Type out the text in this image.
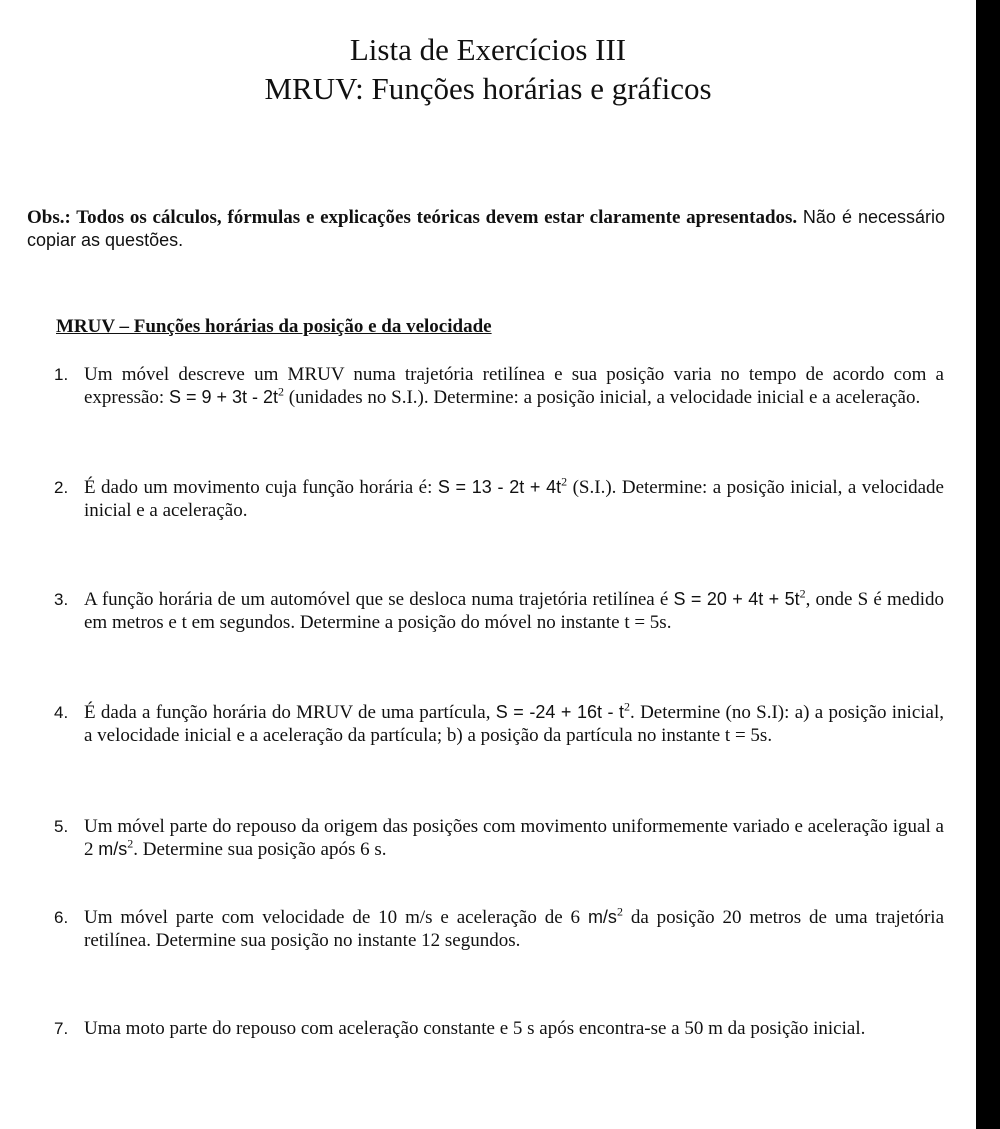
Lista de Exercícios III
MRUV: Funções horárias e gráficos

Obs.: Todos os cálculos, fórmulas e explicações teóricas devem estar claramente apresentados. Não é necessário copiar as questões.

MRUV – Funções horárias da posição e da velocidade

1. Um móvel descreve um MRUV numa trajetória retilínea e sua posição varia no tempo de acordo com a expressão: $S = 9 + 3t - 2t^2$ (unidades no S.I.). Determine: a posição inicial, a velocidade inicial e a aceleração.
2. É dado um movimento cuja função horária é: $S = 13 - 2t + 4t^2$ (S.I.). Determine: a posição inicial, a velocidade inicial e a aceleração.
3. A função horária de um automóvel que se desloca numa trajetória retilínea é $S = 20 + 4t + 5t^2$, onde S é medido em metros e t em segundos. Determine a posição do móvel no instante t = 5s.
4. É dada a função horária do MRUV de uma partícula, $S = -24 + 16t - t^2$. Determine (no S.I): a) a posição inicial, a velocidade inicial e a aceleração da partícula; b) a posição da partícula no instante t = 5s.
5. Um móvel parte do repouso da origem das posições com movimento uniformemente variado e aceleração igual a 2 $m/s^2$. Determine sua posição após 6 s.
6. Um móvel parte com velocidade de 10 m/s e aceleração de 6 $m/s^2$ da posição 20 metros de uma trajetória retilínea. Determine sua posição no instante 12 segundos.
7. Uma moto parte do repouso com aceleração constante e 5 s após encontra-se a 50 m da posição inicial.
